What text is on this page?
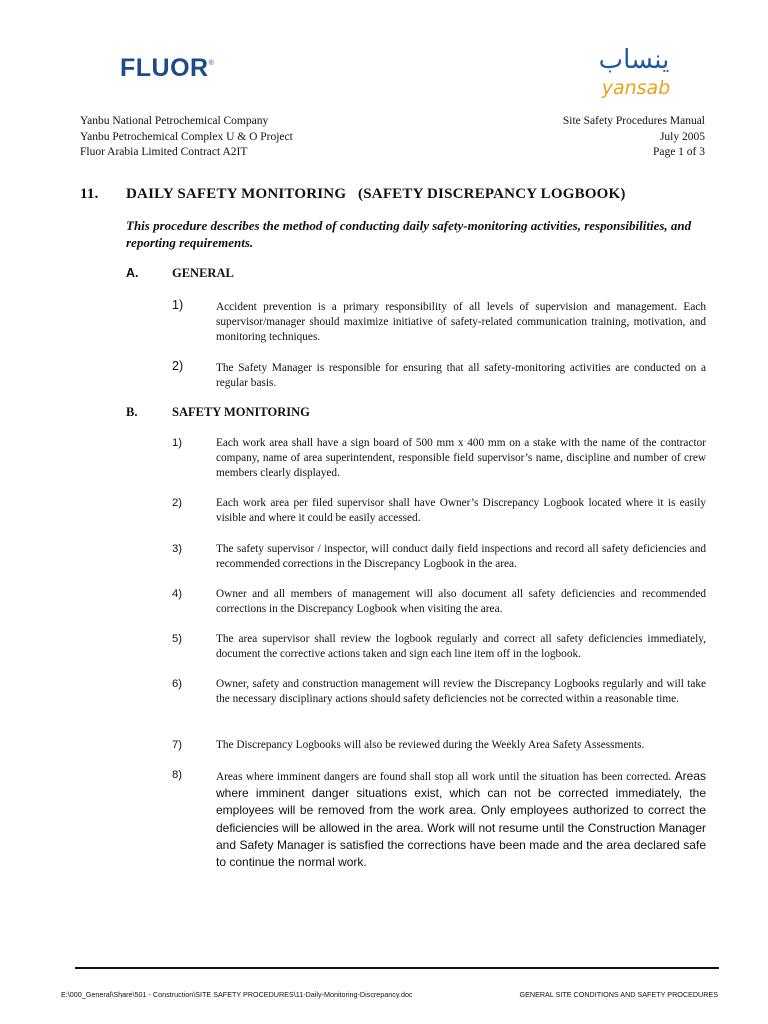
FLUOR®	ينساب
yansab
Yanbu National Petrochemical Company
Yanbu Petrochemical Complex U & O Project
Fluor Arabia Limited Contract A2IT
Site Safety Procedures Manual
July 2005
Page 1 of 3
11. DAILY SAFETY MONITORING   (SAFETY DISCREPANCY LOGBOOK)
This procedure describes the method of conducting daily safety-monitoring activities, responsibilities, and reporting requirements.
A.	GENERAL
1)	Accident prevention is a primary responsibility of all levels of supervision and management. Each supervisor/manager should maximize initiative of safety-related communication training, motivation, and monitoring techniques.
2)	The Safety Manager is responsible for ensuring that all safety-monitoring activities are conducted on a regular basis.
B.	SAFETY MONITORING
1)	Each work area shall have a sign board of 500 mm x 400 mm on a stake with the name of the contractor company, name of area superintendent, responsible field supervisor’s name, discipline and number of crew members clearly displayed.
2)	Each work area per filed supervisor shall have Owner’s Discrepancy Logbook located where it is easily visible and where it could be easily accessed.
3)	The safety supervisor / inspector, will conduct daily field inspections and record all safety deficiencies and recommended corrections in the Discrepancy Logbook in the area.
4)	Owner and all members of management will also document all safety deficiencies and recommended corrections in the Discrepancy Logbook when visiting the area.
5)	The area supervisor shall review the logbook regularly and correct all safety deficiencies immediately, document the corrective actions taken and sign each line item off in the logbook.
6)	Owner, safety and construction management will review the Discrepancy Logbooks regularly and will take the necessary disciplinary actions should safety deficiencies not be corrected within a reasonable time.
7)	The Discrepancy Logbooks will also be reviewed during the Weekly Area Safety Assessments.
8)	Areas where imminent dangers are found shall stop all work until the situation has been corrected. Areas where imminent danger situations exist, which can not be corrected immediately, the employees will be removed from the work area. Only employees authorized to correct the deficiencies will be allowed in the area. Work will not resume until the Construction Manager and Safety Manager is satisfied the corrections have been made and the area declared safe to continue the normal work.
E:\000_General\Share\501 - Construction\SITE SAFETY PROCEDURES\11-Daily-Monitoring-Discrepancy.doc	GENERAL SITE CONDITIONS AND SAFETY PROCEDURES
